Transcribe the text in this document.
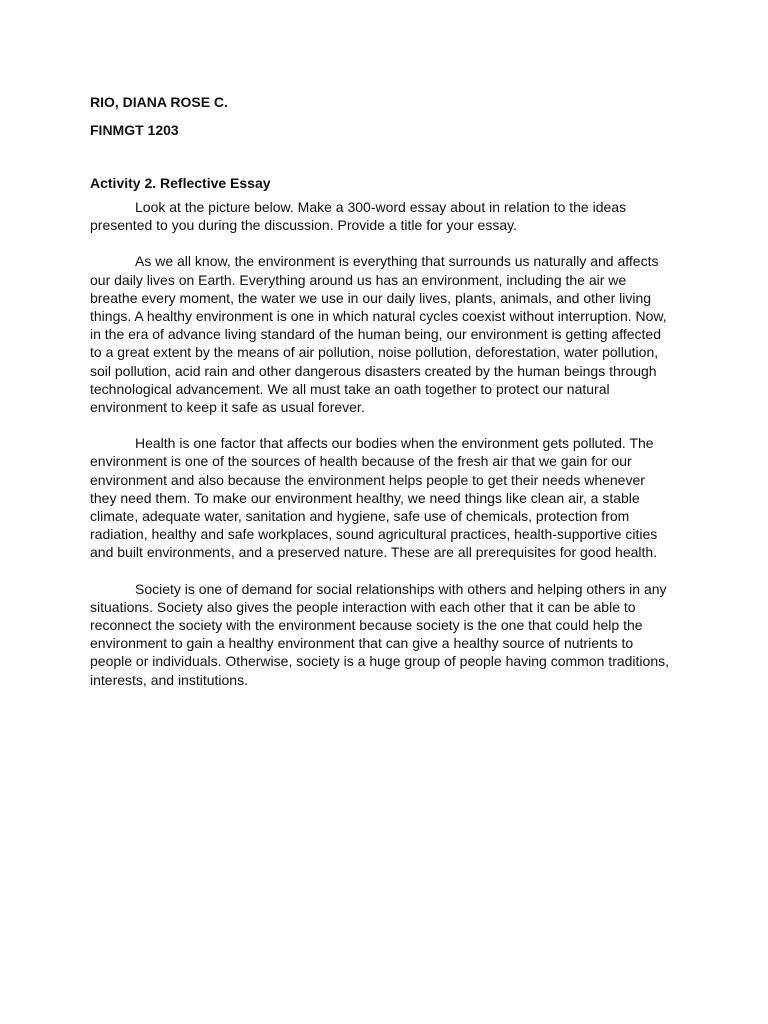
RIO, DIANA ROSE C.

FINMGT 1203

Activity 2. Reflective Essay

Look at the picture below. Make a 300-word essay about in relation to the ideas presented to you during the discussion. Provide a title for your essay.

As we all know, the environment is everything that surrounds us naturally and affects our daily lives on Earth. Everything around us has an environment, including the air we breathe every moment, the water we use in our daily lives, plants, animals, and other living things. A healthy environment is one in which natural cycles coexist without interruption. Now, in the era of advance living standard of the human being, our environment is getting affected to a great extent by the means of air pollution, noise pollution, deforestation, water pollution, soil pollution, acid rain and other dangerous disasters created by the human beings through technological advancement. We all must take an oath together to protect our natural environment to keep it safe as usual forever.

Health is one factor that affects our bodies when the environment gets polluted. The environment is one of the sources of health because of the fresh air that we gain for our environment and also because the environment helps people to get their needs whenever they need them. To make our environment healthy, we need things like clean air, a stable climate, adequate water, sanitation and hygiene, safe use of chemicals, protection from radiation, healthy and safe workplaces, sound agricultural practices, health-supportive cities and built environments, and a preserved nature. These are all prerequisites for good health.

Society is one of demand for social relationships with others and helping others in any situations. Society also gives the people interaction with each other that it can be able to reconnect the society with the environment because society is the one that could help the environment to gain a healthy environment that can give a healthy source of nutrients to people or individuals. Otherwise, society is a huge group of people having common traditions, interests, and institutions.
